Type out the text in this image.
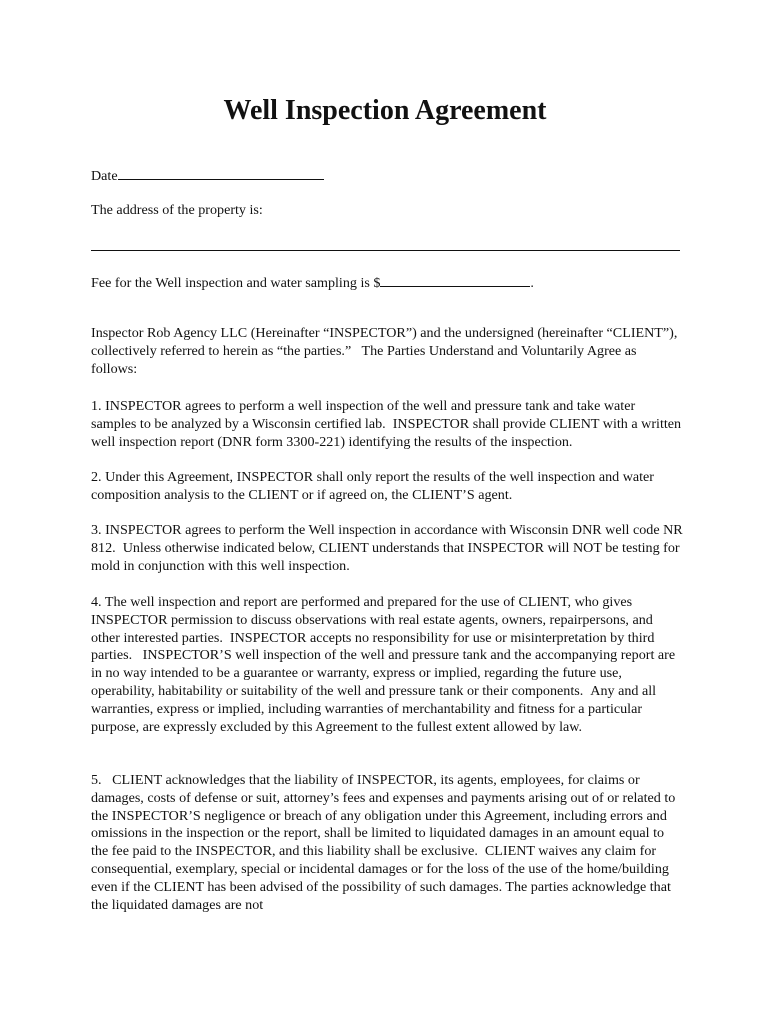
Well Inspection Agreement
Date
The address of the property is:
Fee for the Well inspection and water sampling is $	.
Inspector Rob Agency LLC (Hereinafter “INSPECTOR”) and the undersigned (hereinafter “CLIENT”), collectively referred to herein as “the parties.”   The Parties Understand and Voluntarily Agree as follows:
1. INSPECTOR agrees to perform a well inspection of the well and pressure tank and take water samples to be analyzed by a Wisconsin certified lab.  INSPECTOR shall provide CLIENT with a written well inspection report (DNR form 3300-221) identifying the results of the inspection.
2. Under this Agreement, INSPECTOR shall only report the results of the well inspection and water composition analysis to the CLIENT or if agreed on, the CLIENT’S agent.
3. INSPECTOR agrees to perform the Well inspection in accordance with Wisconsin DNR well code NR 812.  Unless otherwise indicated below, CLIENT understands that INSPECTOR will NOT be testing for mold in conjunction with this well inspection.
4. The well inspection and report are performed and prepared for the use of CLIENT, who gives INSPECTOR permission to discuss observations with real estate agents, owners, repairpersons, and other interested parties.  INSPECTOR accepts no responsibility for use or misinterpretation by third parties.   INSPECTOR’S well inspection of the well and pressure tank and the accompanying report are in no way intended to be a guarantee or warranty, express or implied, regarding the future use, operability, habitability or suitability of the well and pressure tank or their components.  Any and all warranties, express or implied, including warranties of merchantability and fitness for a particular purpose, are expressly excluded by this Agreement to the fullest extent allowed by law.
5.   CLIENT acknowledges that the liability of INSPECTOR, its agents, employees, for claims or damages, costs of defense or suit, attorney’s fees and expenses and payments arising out of or related to the INSPECTOR’S negligence or breach of any obligation under this Agreement, including errors and omissions in the inspection or the report, shall be limited to liquidated damages in an amount equal to the fee paid to the INSPECTOR, and this liability shall be exclusive.  CLIENT waives any claim for consequential, exemplary, special or incidental damages or for the loss of the use of the home/building even if the CLIENT has been advised of the possibility of such damages. The parties acknowledge that the liquidated damages are not
